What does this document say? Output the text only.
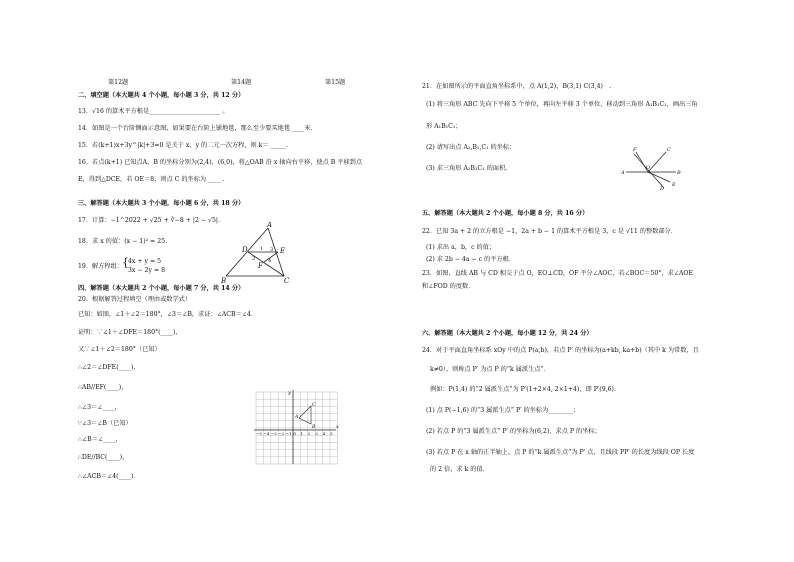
第12题	第14题	第15题
二、填空题（本大题共 4 个小题，每小题 3 分，共 12 分）
13．√16 的算术平方根是_______________________ 。
14．如图是一个台阶侧面示意图，如果要在台阶上铺地毯，那么至少要买地毯 ____米.
15．若(k+1)x+3y^|k|+3=0 是关于 x、y 的二元一次方程，则 k＝ _____.
16．若点(k+1) 已知点A，B 的坐标分别为(2,4)，(6,0)，将△OAB 沿 x 轴向右平移，使点 B 平移到点
E，得到△DCE，若 OE＝8，则点 C 的坐标为 ____ .
三、解答题（本大题共 3 个小题，每小题 6 分，共 18 分）
17．计算：−1^2022 + √25 + ∛−8 + |2 − √5|．
18．求 x 的值：(x − 1)² = 25．
19．解方程组： { 4x + y = 5
3x − 2y = 8
四、解答题（本大题共 2 个小题，每小题 7 分，共 14 分）
20．根据解答过程填空（理由或数学式）
已知：如图，∠1＋∠2＝180°，∠3＝∠B，求证：∠ACB＝∠4．
证明：∵∠1＋∠DFE＝180°(____)，
又∵∠1＋∠2＝180°（已知）
∴∠2＝∠DFE(____)，
∴AB//EF(____)，
∴∠3＝∠____，
∵∠3＝∠B（已知）
∴∠B＝∠____，
∴DE//BC(____)，
∴∠ACB＝∠4(____)．
A
D	E
F
B	C
1
2
3
4
x
y
−5 −4 −3 −2 −1 O 1 2 3 4 5
A
B
C
21．在如图所示的平面直角坐标系中，点 A(1,2)，B(3,1) C(3,4)　.
(1) 将三角形 ABC 先向下平移 5 个单位，再向左平移 3 个单位，移动到三角形 A₁B₁C₁，画出三角
形 A₁B₁C₁；
(2) 请写出点 A₁,B₁,C₁ 的坐标；
(3) 求三角形 A₁B₁C₁ 的面积。
五、解答题（本大题共 2 个小题，每小题 8 分，共 16 分）
22．已知 3a + 2 的立方根是 −1，2a + b − 1 的算术平方根是 3，c 是 √11 的整数部分．
(1) 求出 a，b，c 的值；
(2) 求 2b − 4a − c 的平方根．
23．如图，直线 AB 与 CD 相交于点 O，EO⊥CD，OF 平分∠AOC，若∠BOC＝50°，求∠AOE
和∠FOD 的度数．
六、解答题（本大题共 2 个小题，每小题 12 分，共 24 分）
24．对于平面直角坐标系 xOy 中的点 P(a,b)，若点 P′ 的坐标为(a+kb, ka+b)（其中 k 为常数，且
k≠0），则称点 P′ 为点 P 的“k 属派生点”．
例如：P(1,4) 的“2 属派生点”为 P′(1+2×4, 2×1+4)，即 P′(9,6)．
(1) 点 P(−1,6) 的“3 属派生点” P′ 的坐标为________；
(2) 若点 P 的“3 属派生点” P′ 的坐标为(6,2)，求点 P 的坐标；
(3) 若点 P 在 x 轴的正半轴上，点 P 的“k 属派生点”为 P′ 点，且线段 PP′ 的长度为线段 OP 长度
的 2 倍，求 k 的值．
F	C
O
A	B
D
E
